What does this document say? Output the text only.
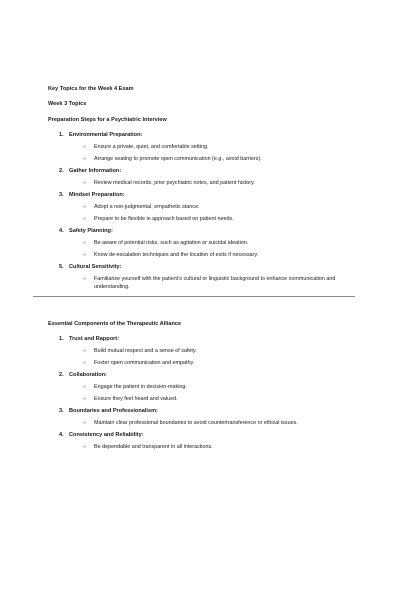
Key Topics for the Week 4 Exam
Week 3 Topics
Preparation Steps for a Psychiatric Interview
1. Environmental Preparation:
○	Ensure a private, quiet, and comfortable setting.
○	Arrange seating to promote open communication (e.g., avoid barriers).
2. Gather Information:
○	Review medical records, prior psychiatric notes, and patient history.
3. Mindset Preparation:
○	Adopt a non-judgmental, empathetic stance.
○	Prepare to be flexible in approach based on patient needs.
4. Safety Planning:
○	Be aware of potential risks, such as agitation or suicidal ideation.
○	Know de-escalation techniques and the location of exits if necessary.
5. Cultural Sensitivity:
○	Familiarize yourself with the patient’s cultural or linguistic background to enhance communication and understanding.
Essential Components of the Therapeutic Alliance
1. Trust and Rapport:
○	Build mutual respect and a sense of safety.
○	Foster open communication and empathy.
2. Collaboration:
○	Engage the patient in decision-making.
○	Ensure they feel heard and valued.
3. Boundaries and Professionalism:
○	Maintain clear professional boundaries to avoid countertransference or ethical issues.
4. Consistency and Reliability:
○	Be dependable and transparent in all interactions.
